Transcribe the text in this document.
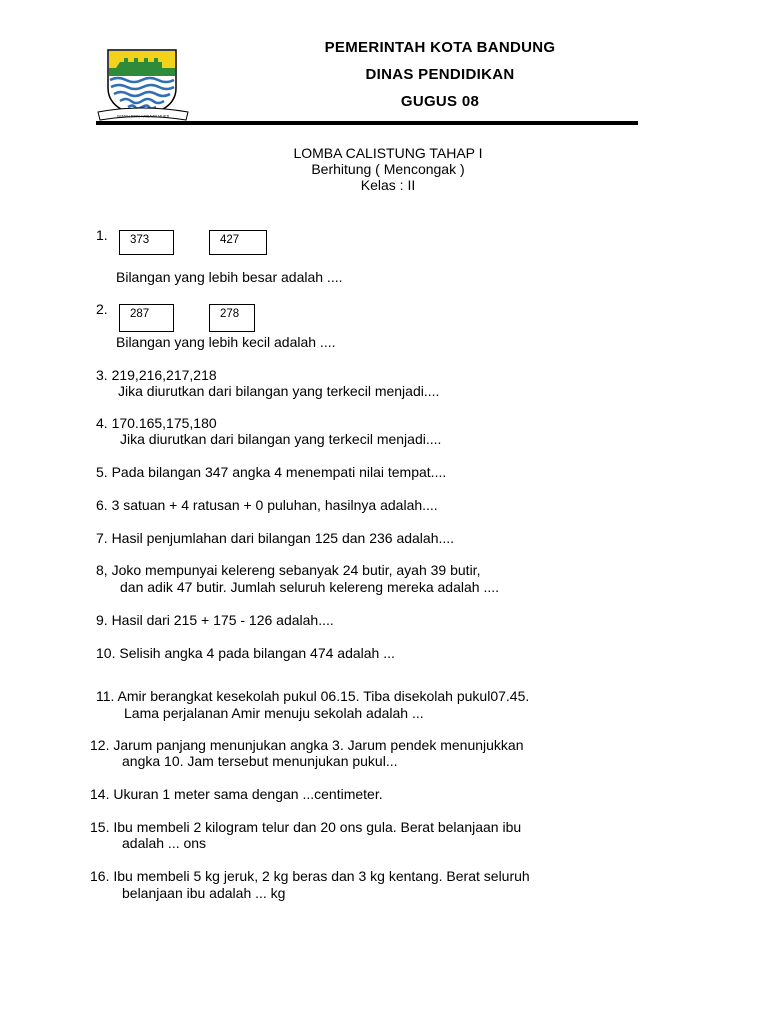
GEMAH RIPAH WIBAWA MUKTI
PEMERINTAH KOTA BANDUNG
DINAS PENDIDIKAN
GUGUS 08
LOMBA CALISTUNG TAHAP I
Berhitung ( Mencongak )
Kelas : II
1.	373	427
Bilangan yang lebih besar adalah ....
2.	287	278
Bilangan yang lebih kecil adalah ....
3. 219,216,217,218
Jika diurutkan dari bilangan yang terkecil menjadi....
4. 170.165,175,180
Jika diurutkan dari bilangan yang terkecil menjadi....
5. Pada bilangan 347 angka 4 menempati nilai tempat....
6. 3 satuan + 4 ratusan + 0 puluhan, hasilnya adalah....
7. Hasil penjumlahan dari bilangan 125 dan 236 adalah....
8, Joko mempunyai kelereng sebanyak 24 butir, ayah 39 butir,
dan adik 47 butir. Jumlah seluruh kelereng mereka adalah ....
9. Hasil dari 215 + 175 - 126 adalah....
10. Selisih angka 4 pada bilangan 474 adalah ...
11. Amir berangkat kesekolah pukul 06.15. Tiba disekolah pukul07.45.
Lama perjalanan Amir menuju sekolah adalah ...
12. Jarum panjang menunjukan angka 3. Jarum pendek menunjukkan
angka 10. Jam tersebut menunjukan pukul...
14. Ukuran 1 meter sama dengan ...centimeter.
15. Ibu membeli 2 kilogram telur dan 20 ons gula. Berat belanjaan ibu
adalah ... ons
16. Ibu membeli 5 kg jeruk, 2 kg beras dan 3 kg kentang. Berat seluruh
belanjaan ibu adalah ... kg
